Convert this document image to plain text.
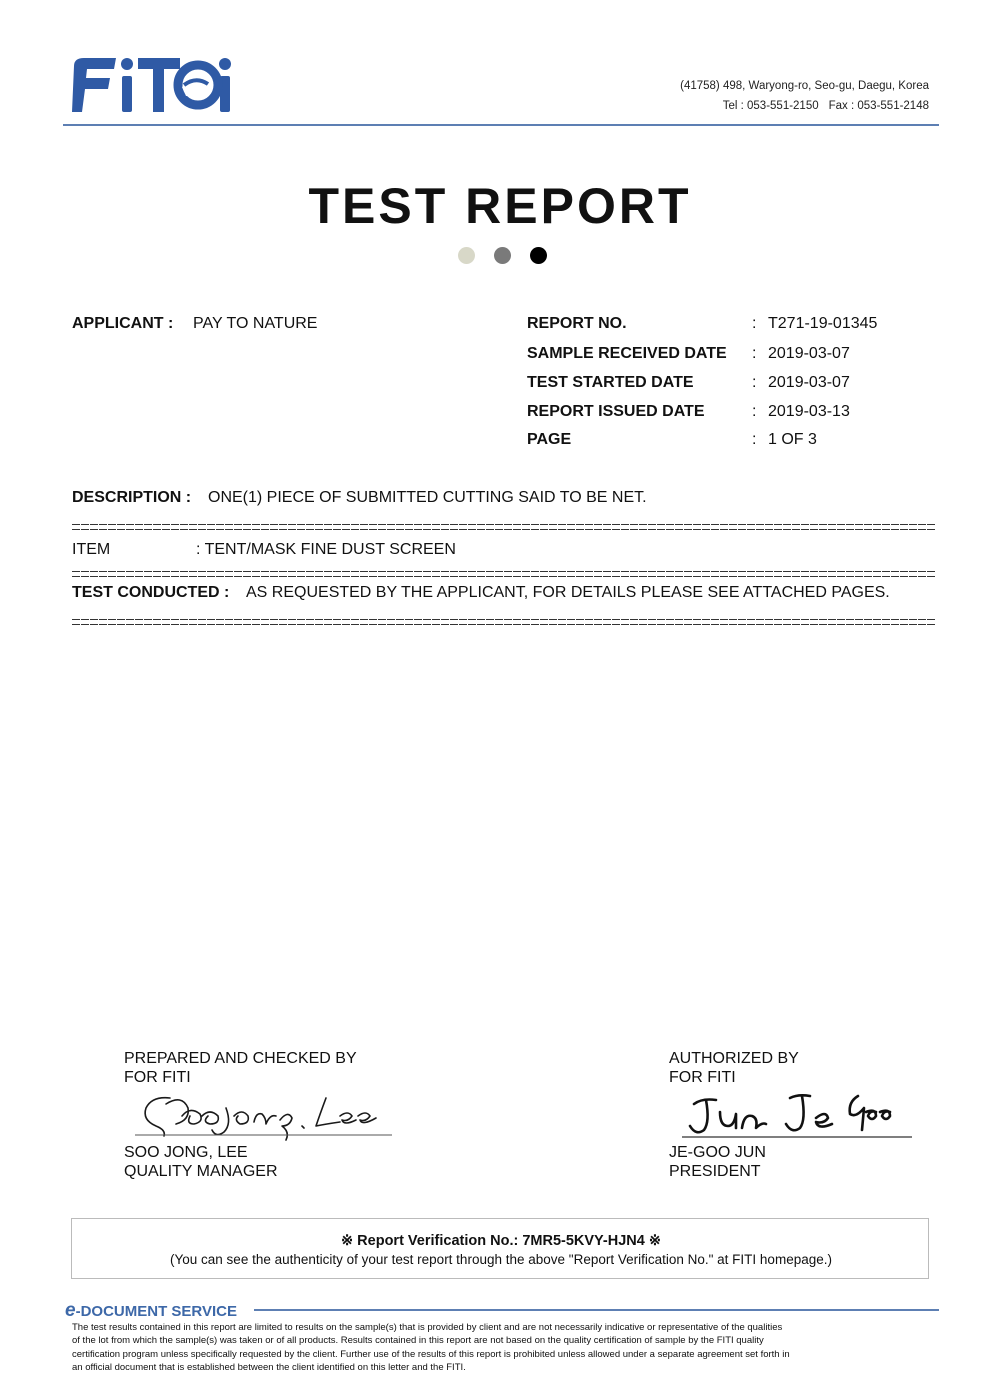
(41758) 498, Waryong-ro, Seo-gu, Daegu, Korea
Tel : 053-551-2150 Fax : 053-551-2148
TEST REPORT
APPLICANT : PAY TO NATURE	REPORT NO.	: T271-19-01345
SAMPLE RECEIVED DATE : 2019-03-07
TEST STARTED DATE	: 2019-03-07
REPORT ISSUED DATE	: 2019-03-13
PAGE	: 1 OF 3
DESCRIPTION : ONE(1) PIECE OF SUBMITTED CUTTING SAID TO BE NET.
ITEM	: TENT/MASK FINE DUST SCREEN
TEST CONDUCTED : AS REQUESTED BY THE APPLICANT, FOR DETAILS PLEASE SEE ATTACHED PAGES.
PREPARED AND CHECKED BY
FOR FITI
SOO JONG, LEE
QUALITY MANAGER
AUTHORIZED BY
FOR FITI
JE-GOO JUN
PRESIDENT
※ Report Verification No.: 7MR5-5KVY-HJN4 ※
(You can see the authenticity of your test report through the above "Report Verification No." at FITI homepage.)
e-DOCUMENT SERVICE
The test results contained in this report are limited to results on the sample(s) that is provided by client and are not necessarily indicative or representative of the qualities of the lot from which the sample(s) was taken or of all products. Results contained in this report are not based on the quality certification of sample by the FITI quality certification program unless specifically requested by the client. Further use of the results of this report is prohibited unless allowed under a separate agreement set forth in an official document that is established between the client identified on this letter and the FITI.
